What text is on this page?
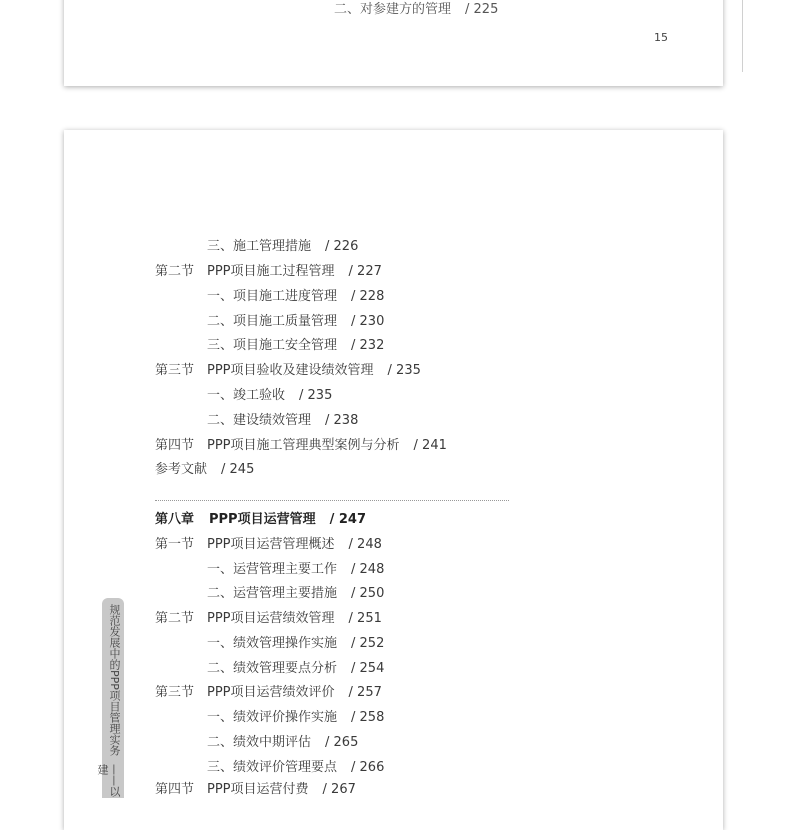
二、对参建方的管理 / 225
15
规范发展中的PPP项目管理实务
——以建
三、施工管理措施 / 226
第二节 PPP项目施工过程管理 / 227
一、项目施工进度管理 / 228
二、项目施工质量管理 / 230
三、项目施工安全管理 / 232
第三节 PPP项目验收及建设绩效管理 / 235
一、竣工验收 / 235
二、建设绩效管理 / 238
第四节 PPP项目施工管理典型案例与分析 / 241
参考文献 / 245
第八章 PPP项目运营管理 / 247
第一节 PPP项目运营管理概述 / 248
一、运营管理主要工作 / 248
二、运营管理主要措施 / 250
第二节 PPP项目运营绩效管理 / 251
一、绩效管理操作实施 / 252
二、绩效管理要点分析 / 254
第三节 PPP项目运营绩效评价 / 257
一、绩效评价操作实施 / 258
二、绩效中期评估 / 265
三、绩效评价管理要点 / 266
第四节 PPP项目运营付费 / 267
